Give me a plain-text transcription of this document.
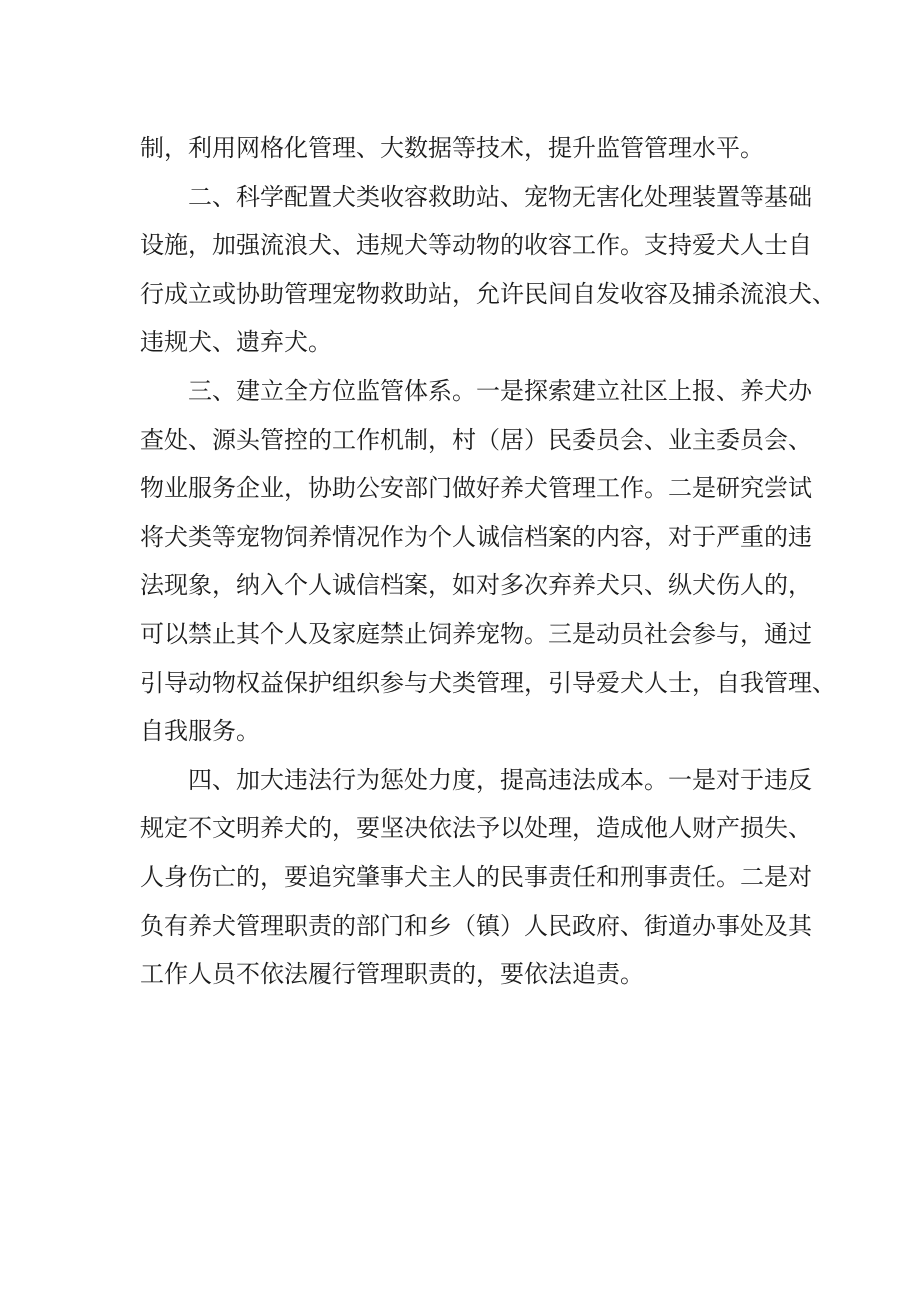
制，利用网格化管理、大数据等技术，提升监管管理水平。
二、科学配置犬类收容救助站、宠物无害化处理装置等基础
设施，加强流浪犬、违规犬等动物的收容工作。支持爱犬人士自
行成立或协助管理宠物救助站，允许民间自发收容及捕杀流浪犬、
违规犬、遗弃犬。
三、建立全方位监管体系。一是探索建立社区上报、养犬办
查处、源头管控的工作机制，村（居）民委员会、业主委员会、
物业服务企业，协助公安部门做好养犬管理工作。二是研究尝试
将犬类等宠物饲养情况作为个人诚信档案的内容，对于严重的违
法现象，纳入个人诚信档案，如对多次弃养犬只、纵犬伤人的，
可以禁止其个人及家庭禁止饲养宠物。三是动员社会参与，通过
引导动物权益保护组织参与犬类管理，引导爱犬人士，自我管理、
自我服务。
四、加大违法行为惩处力度，提高违法成本。一是对于违反
规定不文明养犬的，要坚决依法予以处理，造成他人财产损失、
人身伤亡的，要追究肇事犬主人的民事责任和刑事责任。二是对
负有养犬管理职责的部门和乡（镇）人民政府、街道办事处及其
工作人员不依法履行管理职责的，要依法追责。
